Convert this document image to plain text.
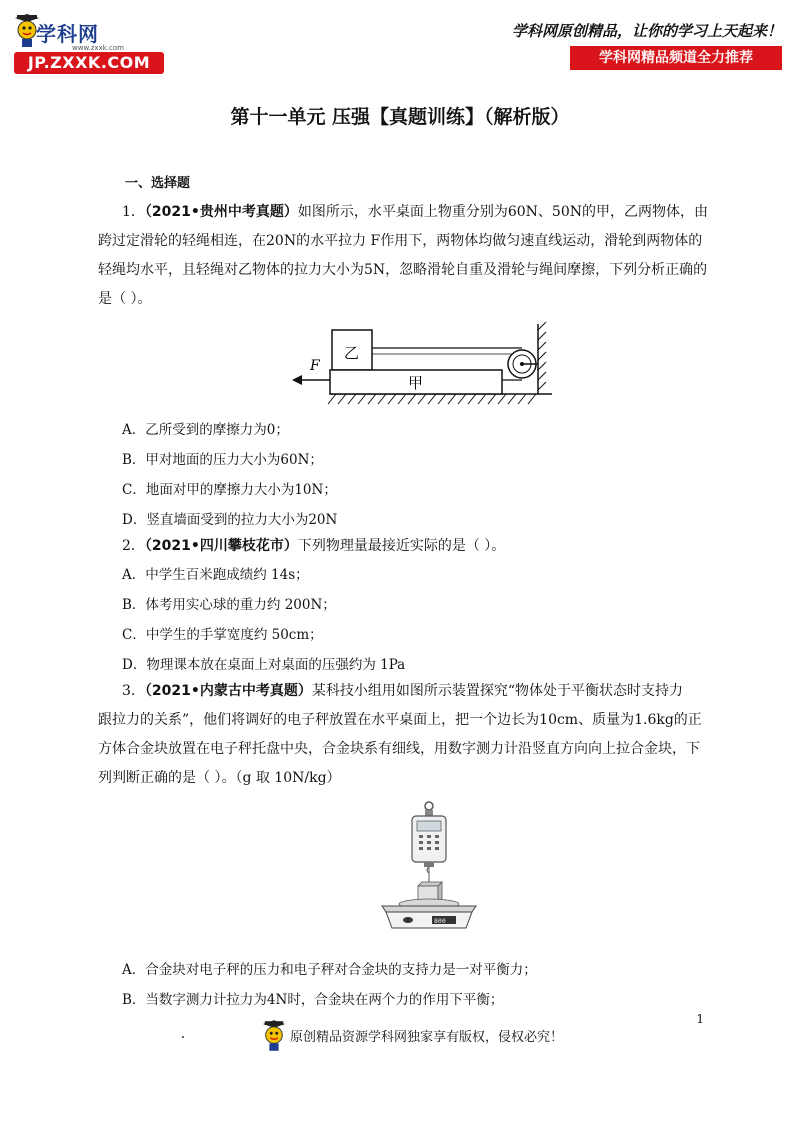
学科网
www.zxxk.com
JP.ZXXK.COM
学科网原创精品，让你的学习上天起来！
学科网精品频道全力推荐
第十一单元 压强【真题训练】（解析版）
一、选择题
1．（2021•贵州中考真题）如图所示，水平桌面上物重分别为60N、50N的甲，乙两物体，由
跨过定滑轮的轻绳相连，在20N的水平拉力 F作用下，两物体均做匀速直线运动，滑轮到两物体的
轻绳均水平，且轻绳对乙物体的拉力大小为5N，忽略滑轮自重及滑轮与绳间摩擦，下列分析正确的
是（ ）。
F
乙
甲
A．乙所受到的摩擦力为0；
B．甲对地面的压力大小为60N；
C．地面对甲的摩擦力大小为10N；
D．竖直墙面受到的拉力大小为20N
2．（2021•四川攀枝花市）下列物理量最接近实际的是（ ）。
A．中学生百米跑成绩约 14s；
B．体考用实心球的重力约 200N；
C．中学生的手掌宽度约 50cm；
D．物理课本放在桌面上对桌面的压强约为 1Pa
3．（2021•内蒙古中考真题）某科技小组用如图所示装置探究“物体处于平衡状态时支持力
跟拉力的关系”，他们将调好的电子秤放置在水平桌面上，把一个边长为10cm、质量为1.6kg的正
方体合金块放置在电子秤托盘中央，合金块系有细线，用数字测力计沿竖直方向向上拉合金块，下
列判断正确的是（ ）。（g 取 10N/kg）
800
A．合金块对电子秤的压力和电子秤对合金块的支持力是一对平衡力；
B．当数字测力计拉力为4N时，合金块在两个力的作用下平衡；
1
原创精品资源学科网独家享有版权，侵权必究！
